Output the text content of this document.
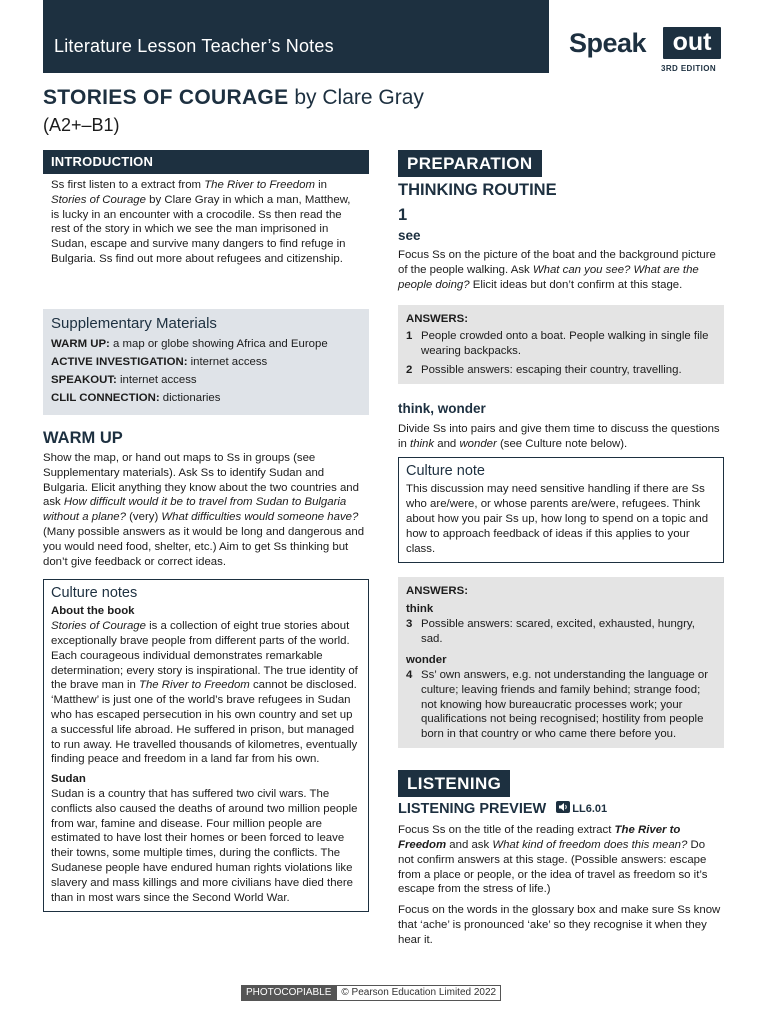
Literature Lesson Teacher’s Notes	Speak	out
3RD EDITION
STORIES OF COURAGE by Clare Gray
(A2+–B1)
INTRODUCTION

Ss first listen to a extract from The River to Freedom in Stories of Courage by Clare Gray in which a man, Matthew, is lucky in an encounter with a crocodile. Ss then read the rest of the story in which we see the man imprisoned in Sudan, escape and survive many dangers to find refuge in Bulgaria. Ss find out more about refugees and citizenship.

Supplementary Materials
WARM UP: a map or globe showing Africa and Europe
ACTIVE INVESTIGATION: internet access
SPEAKOUT: internet access
CLIL CONNECTION: dictionaries
WARM UP

Show the map, or hand out maps to Ss in groups (see Supplementary materials). Ask Ss to identify Sudan and Bulgaria. Elicit anything they know about the two countries and ask How difficult would it be to travel from Sudan to Bulgaria without a plane? (very) What difficulties would someone have? (Many possible answers as it would be long and dangerous and you would need food, shelter, etc.) Aim to get Ss thinking but don’t give feedback or correct ideas.

Culture notes
About the book

Stories of Courage is a collection of eight true stories about exceptionally brave people from different parts of the world. Each courageous individual demonstrates remarkable determination; every story is inspirational. The true identity of the brave man in The River to Freedom cannot be disclosed. ‘Matthew’ is just one of the world’s brave refugees in Sudan who has escaped persecution in his own country and set up a successful life abroad. He suffered in prison, but managed to run away. He travelled thousands of kilometres, eventually finding peace and freedom in a land far from his own.

Sudan

Sudan is a country that has suffered two civil wars. The conflicts also caused the deaths of around two million people from war, famine and disease. Four million people are estimated to have lost their homes or been forced to leave their towns, some multiple times, during the conflicts. The Sudanese people have endured human rights violations like slavery and mass killings and more civilians have died there than in most wars since the Second World War.

PREPARATION
THINKING ROUTINE
1
see

Focus Ss on the picture of the boat and the background picture of the people walking. Ask What can you see? What are the people doing? Elicit ideas but don’t confirm at this stage.

ANSWERS:
1 People crowded onto a boat. People walking in single file wearing backpacks.
2 Possible answers: escaping their country, travelling.
think, wonder

Divide Ss into pairs and give them time to discuss the questions in think and wonder (see Culture note below).

Culture note

This discussion may need sensitive handling if there are Ss who are/were, or whose parents are/were, refugees. Think about how you pair Ss up, how long to spend on a topic and how to approach feedback of ideas if this applies to your class.

ANSWERS:
think
3 Possible answers: scared, excited, exhausted, hungry, sad.
wonder
4 Ss’ own answers, e.g. not understanding the language or culture; leaving friends and family behind; strange food; not knowing how bureaucratic processes work; your qualifications not being recognised; hostility from people born in that country or who came there before you.
LISTENING
LISTENING PREVIEW LL6.01

Focus Ss on the title of the reading extract The River to Freedom and ask What kind of freedom does this mean? Do not confirm answers at this stage. (Possible answers: escape from a place or people, or the idea of travel as freedom so it’s escape from the stress of life.)

Focus on the words in the glossary box and make sure Ss know that ‘ache’ is pronounced ‘ake’ so they recognise it when they hear it.

PHOTOCOPIABLE	© Pearson Education Limited 2022
